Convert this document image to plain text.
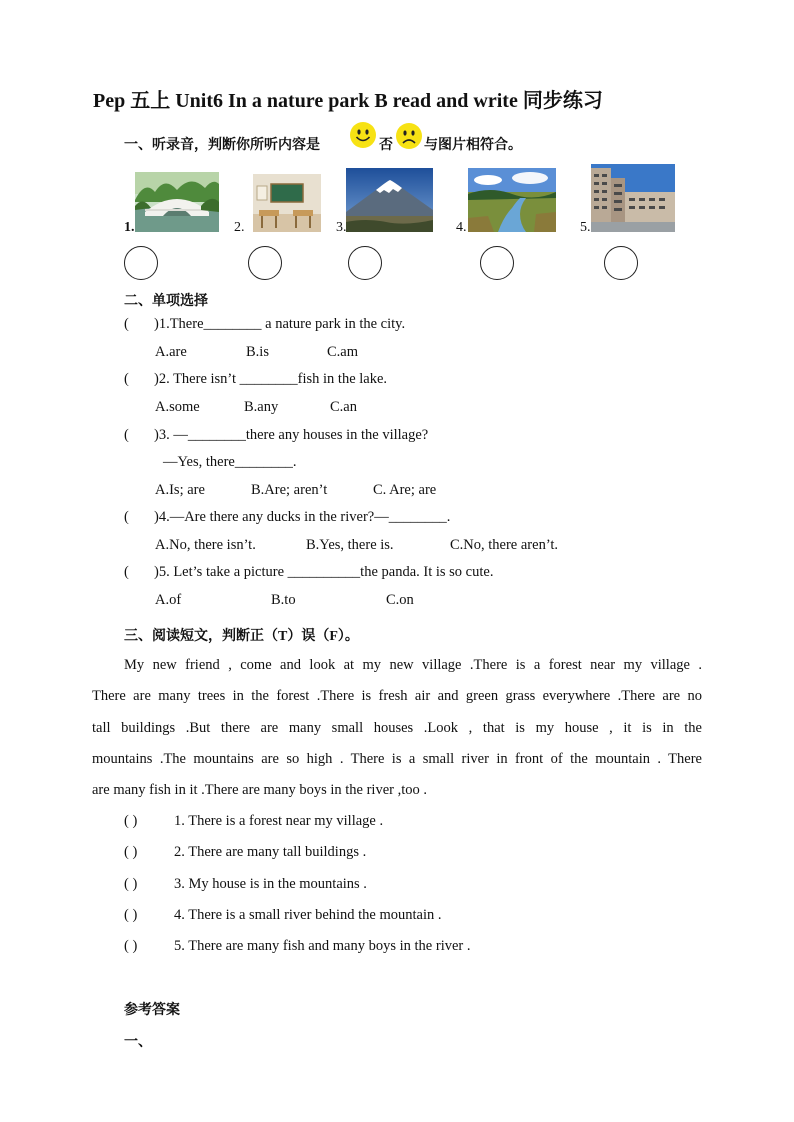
Pep 五上 Unit6 In a nature park B read and write 同步练习
一、听录音，判断你所听内容是	否 与图片相符合。
1.	2.	3.	4.	5.
二、单项选择
( )1.There________ a nature park in the city.
A.are	B.is	C.am
( )2. There isn’t ________fish in the lake.
A.some	B.any	C.an
( )3. —________there any houses in the village?
—Yes, there________.
A.Is; are	B.Are; aren’t	C. Are; are
( )4.—Are there any ducks in the river?—________.
A.No, there isn’t.	B.Yes, there is.	C.No, there aren’t.
( )5. Let’s take a picture __________the panda. It is so cute.
A.of	B.to	C.on
三、阅读短文，判断正（T）误（F）。
My new friend , come and look at my new village .There is a forest near my village .
There are many trees in the forest .There is fresh air and green grass everywhere .There are no
tall buildings .But there are many small houses .Look , that is my house , it is in the
mountains .The mountains are so high . There is a small river in front of the mountain . There
are many fish in it .There are many boys in the river ,too .
( )	1. There is a forest near my village .
( )	2. There are many tall buildings .
( )	3. My house is in the mountains .
( )	4. There is a small river behind the mountain .
( )	5. There are many fish and many boys in the river .
参考答案
一、
